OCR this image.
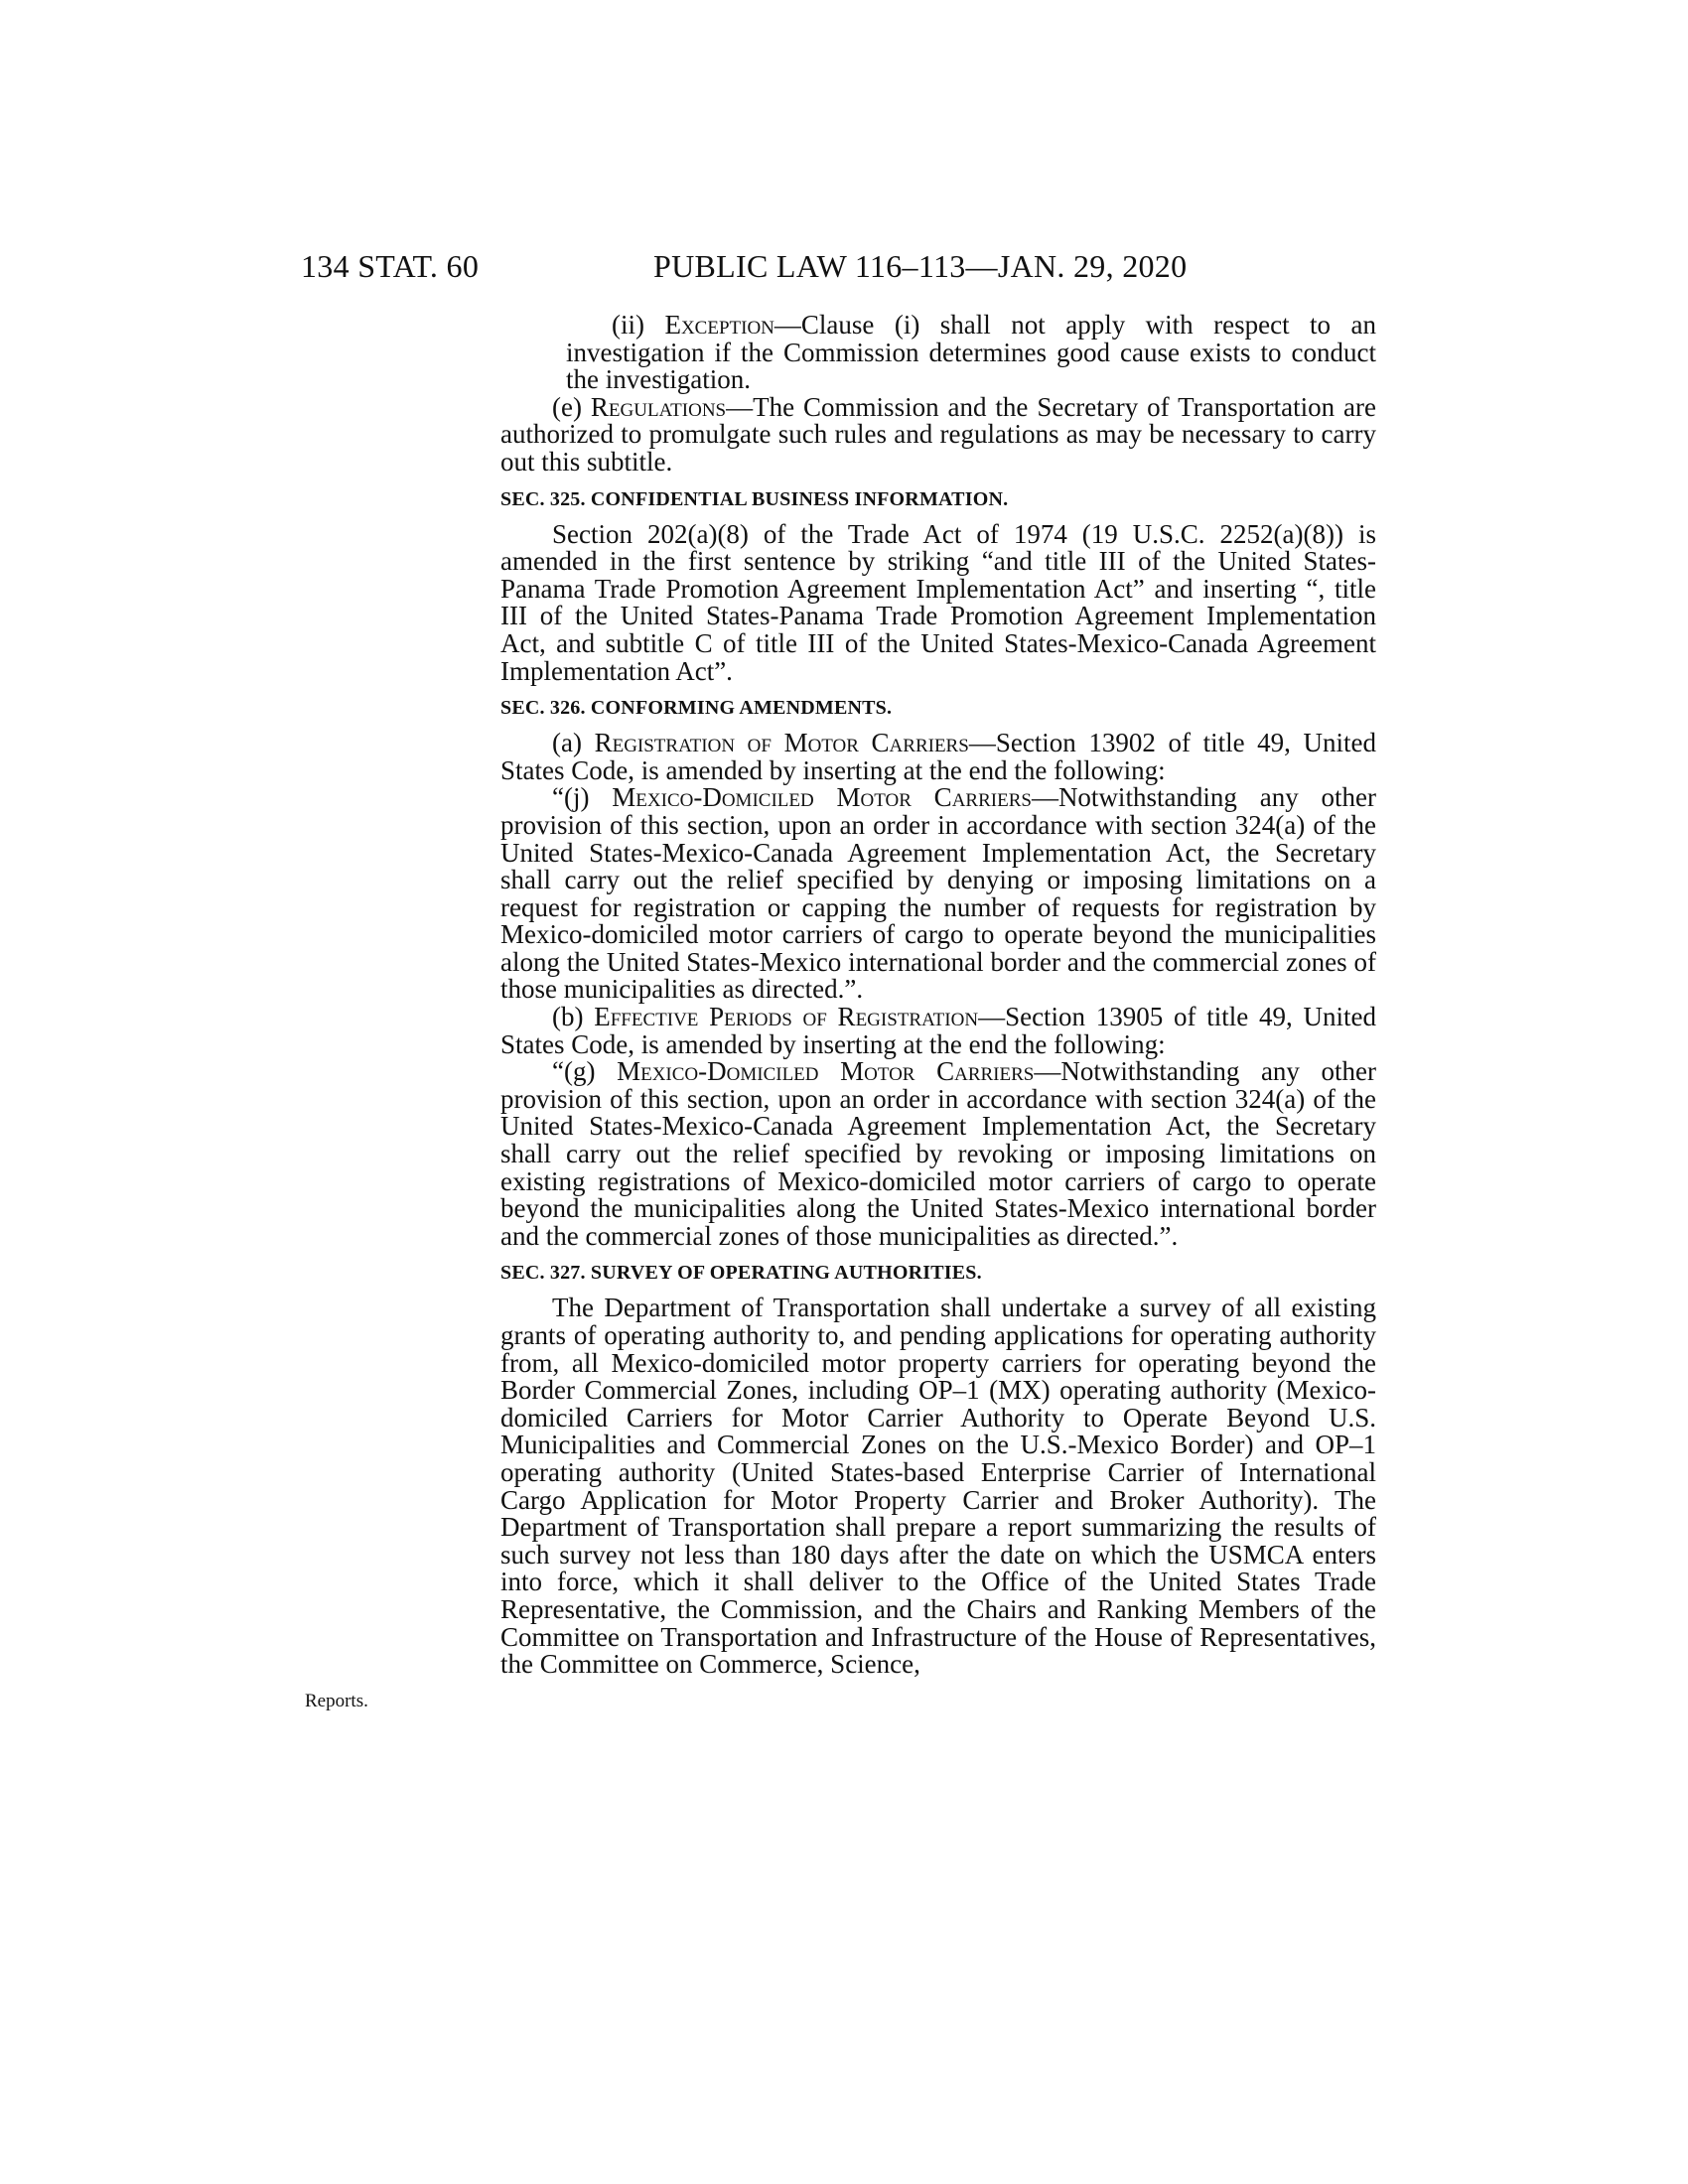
134 STAT. 60	PUBLIC LAW 116–113—JAN. 29, 2020
Reports.

(ii) Exception—Clause (i) shall not apply with respect to an investigation if the Commission determines good cause exists to conduct the investigation.

(e) Regulations—The Commission and the Secretary of Transportation are authorized to promulgate such rules and regulations as may be necessary to carry out this subtitle.

SEC. 325. CONFIDENTIAL BUSINESS INFORMATION.

Section 202(a)(8) of the Trade Act of 1974 (19 U.S.C. 2252(a)(8)) is amended in the first sentence by striking “and title III of the United States-Panama Trade Promotion Agreement Implementation Act” and inserting “, title III of the United States-Panama Trade Promotion Agreement Implementation Act, and subtitle C of title III of the United States-Mexico-Canada Agreement Implementation Act”.

SEC. 326. CONFORMING AMENDMENTS.

(a) Registration of Motor Carriers—Section 13902 of title 49, United States Code, is amended by inserting at the end the following:

“(j) Mexico-Domiciled Motor Carriers—Notwithstanding any other provision of this section, upon an order in accordance with section 324(a) of the United States-Mexico-Canada Agreement Implementation Act, the Secretary shall carry out the relief specified by denying or imposing limitations on a request for registration or capping the number of requests for registration by Mexico-domiciled motor carriers of cargo to operate beyond the municipalities along the United States-Mexico international border and the commercial zones of those municipalities as directed.”.

(b) Effective Periods of Registration—Section 13905 of title 49, United States Code, is amended by inserting at the end the following:

“(g) Mexico-Domiciled Motor Carriers—Notwithstanding any other provision of this section, upon an order in accordance with section 324(a) of the United States-Mexico-Canada Agreement Implementation Act, the Secretary shall carry out the relief specified by revoking or imposing limitations on existing registrations of Mexico-domiciled motor carriers of cargo to operate beyond the municipalities along the United States-Mexico international border and the commercial zones of those municipalities as directed.”.

SEC. 327. SURVEY OF OPERATING AUTHORITIES.

The Department of Transportation shall undertake a survey of all existing grants of operating authority to, and pending applications for operating authority from, all Mexico-domiciled motor property carriers for operating beyond the Border Commercial Zones, including OP–1 (MX) operating authority (Mexico-domiciled Carriers for Motor Carrier Authority to Operate Beyond U.S. Municipalities and Commercial Zones on the U.S.-Mexico Border) and OP–1 operating authority (United States-based Enterprise Carrier of International Cargo Application for Motor Property Carrier and Broker Authority). The Department of Transportation shall prepare a report summarizing the results of such survey not less than 180 days after the date on which the USMCA enters into force, which it shall deliver to the Office of the United States Trade Representative, the Commission, and the Chairs and Ranking Members of the Committee on Transportation and Infrastructure of the House of Representatives, the Committee on Commerce, Science,
